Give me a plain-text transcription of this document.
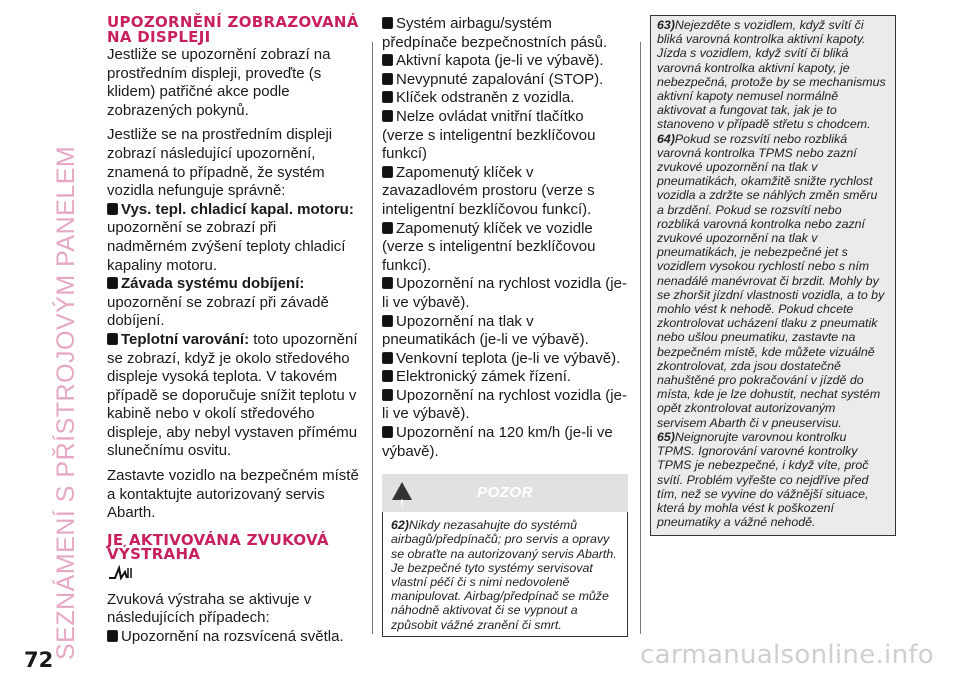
SEZNÁMENÍ S PŘÍSTROJOVÝM PANELEM
UPOZORNĚNÍ ZOBRAZOVANÁ NA DISPLEJI

Jestliže se upozornění zobrazí na prostředním displeji, proveďte (s klidem) patřičné akce podle zobrazených pokynů.

Jestliže se na prostředním displeji zobrazí následující upozornění, znamená to případně, že systém vozidla nefunguje správně:

Vys. tepl. chladicí kapal. motoru: upozornění se zobrazí při nadměrném zvýšení teploty chladicí kapaliny motoru.

Závada systému dobíjení: upozornění se zobrazí při závadě dobíjení.

Teplotní varování: toto upozornění se zobrazí, když je okolo středového displeje vysoká teplota. V takovém případě se doporučuje snížit teplotu v kabině nebo v okolí středového displeje, aby nebyl vystaven přímému slunečnímu osvitu.

Zastavte vozidlo na bezpečném místě a kontaktujte autorizovaný servis Abarth.

JE AKTIVOVÁNA ZVUKOVÁ VÝSTRAHA

Zvuková výstraha se aktivuje v následujících případech:

Upozornění na rozsvícená světla.

Systém airbagu/systém předpínače bezpečnostních pásů.

Aktivní kapota (je-li ve výbavě).

Nevypnuté zapalování (STOP).

Klíček odstraněn z vozidla.

Nelze ovládat vnitřní tlačítko (verze s inteligentní bezklíčovou funkcí)

Zapomenutý klíček v zavazadlovém prostoru (verze s inteligentní bezklíčovou funkcí).

Zapomenutý klíček ve vozidle (verze s inteligentní bezklíčovou funkcí).

Upozornění na rychlost vozidla (je-li ve výbavě).

Upozornění na tlak v pneumatikách (je-li ve výbavě).

Venkovní teplota (je-li ve výbavě).

Elektronický zámek řízení.

Upozornění na rychlost vozidla (je-li ve výbavě).

Upozornění na 120 km/h (je-li ve výbavě).

!
POZOR
62)Nikdy nezasahujte do systémů airbagů/předpínačů; pro servis a opravy se obraťte na autorizovaný servis Abarth. Je bezpečné tyto systémy servisovat vlastní péčí či s nimi nedovoleně manipulovat. Airbag/předpínač se může náhodně aktivovat či se vypnout a způsobit vážné zranění či smrt.
63)Nejezděte s vozidlem, když svítí či bliká varovná kontrolka aktivní kapoty. Jízda s vozidlem, když svítí či bliká varovná kontrolka aktivní kapoty, je nebezpečná, protože by se mechanismus aktivní kapoty nemusel normálně aktivovat a fungovat tak, jak je to stanoveno v případě střetu s chodcem.
64)Pokud se rozsvítí nebo rozbliká varovná kontrolka TPMS nebo zazní zvukové upozornění na tlak v pneumatikách, okamžitě snižte rychlost vozidla a zdržte se náhlých změn směru a brzdění. Pokud se rozsvítí nebo rozbliká varovná kontrolka nebo zazní zvukové upozornění na tlak v pneumatikách, je nebezpečné jet s vozidlem vysokou rychlostí nebo s ním nenadálé manévrovat či brzdit. Mohly by se zhoršit jízdní vlastnosti vozidla, a to by mohlo vést k nehodě. Pokud chcete zkontrolovat ucházení tlaku z pneumatik nebo ušlou pneumatiku, zastavte na bezpečném místě, kde můžete vizuálně zkontrolovat, zda jsou dostatečně nahuštěné pro pokračování v jízdě do místa, kde je lze dohustit, nechat systém opět zkontrolovat autorizovaným servisem Abarth či v pneuservisu.
65)Neignorujte varovnou kontrolku TPMS. Ignorování varovné kontrolky TPMS je nebezpečné, i když víte, proč svítí. Problém vyřešte co nejdříve před tím, než se vyvine do vážnější situace, která by mohla vést k poškození pneumatiky a vážné nehodě.
72	carmanualsonline.info
